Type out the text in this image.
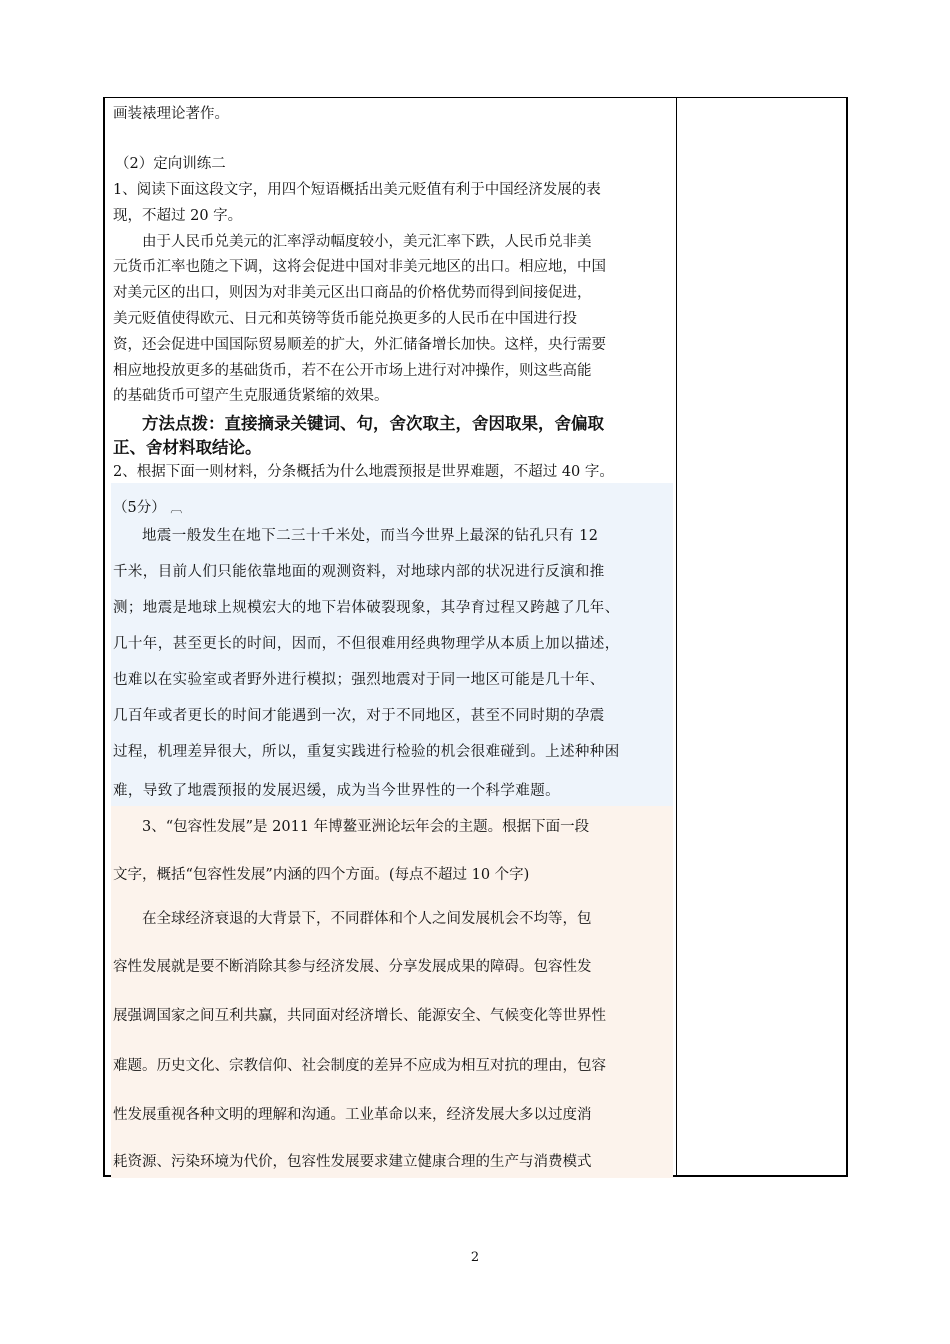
画装裱理论著作。
（2）定向训练二
1、阅读下面这段文字，用四个短语概括出美元贬值有利于中国经济发展的表
现，不超过 20 字。
由于人民币兑美元的汇率浮动幅度较小，美元汇率下跌，人民币兑非美
元货币汇率也随之下调，这将会促进中国对非美元地区的出口。相应地，中国
对美元区的出口，则因为对非美元区出口商品的价格优势而得到间接促进，
美元贬值使得欧元、日元和英镑等货币能兑换更多的人民币在中国进行投
资，还会促进中国国际贸易顺差的扩大，外汇储备增长加快。这样，央行需要
相应地投放更多的基础货币，若不在公开市场上进行对冲操作，则这些高能
的基础货币可望产生克服通货紧缩的效果。
方法点拨：直接摘录关键词、句，舍次取主，舍因取果，舍偏取
正、舍材料取结论。
2、根据下面一则材料，分条概括为什么地震预报是世界难题，不超过 40 字。
（5分） ︹
地震一般发生在地下二三十千米处，而当今世界上最深的钻孔只有 12
千米，目前人们只能依靠地面的观测资料，对地球内部的状况进行反演和推
测；地震是地球上规模宏大的地下岩体破裂现象，其孕育过程又跨越了几年、
几十年，甚至更长的时间，因而，不但很难用经典物理学从本质上加以描述，
也难以在实验室或者野外进行模拟；强烈地震对于同一地区可能是几十年、
几百年或者更长的时间才能遇到一次，对于不同地区，甚至不同时期的孕震
过程，机理差异很大，所以，重复实践进行检验的机会很难碰到。上述种种困
难，导致了地震预报的发展迟缓，成为当今世界性的一个科学难题。
3、“包容性发展”是 2011 年博鳌亚洲论坛年会的主题。根据下面一段
文字，概括“包容性发展”内涵的四个方面。(每点不超过 10 个字)
在全球经济衰退的大背景下，不同群体和个人之间发展机会不均等，包
容性发展就是要不断消除其参与经济发展、分享发展成果的障碍。包容性发
展强调国家之间互利共赢，共同面对经济增长、能源安全、气候变化等世界性
难题。历史文化、宗教信仰、社会制度的差异不应成为相互对抗的理由，包容
性发展重视各种文明的理解和沟通。工业革命以来，经济发展大多以过度消
耗资源、污染环境为代价，包容性发展要求建立健康合理的生产与消费模式
2
